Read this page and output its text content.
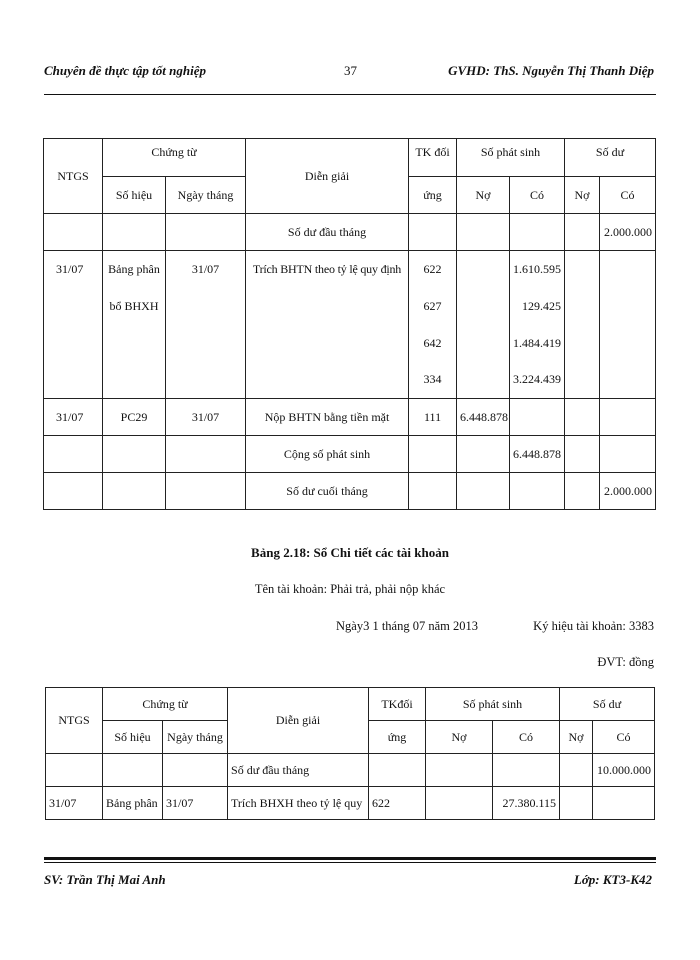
Chuyên đề thực tập tốt nghiệp	37	GVHD: ThS. Nguyễn Thị Thanh Diệp
NTGS	Chứng từ		Diễn giải	TK đối	Số phát sinh		Số dư	
	Số hiệu	Ngày tháng		ứng	Nợ	Có	Nợ	Có
			Số dư đầu tháng					2.000.000
31/07	Bảng phân	31/07	Trích BHTN theo tỷ lệ quy định	622		1.610.595		
	bổ BHXH			627		129.425		
				642		1.484.419		
				334		3.224.439		
31/07	PC29	31/07	Nộp BHTN bằng tiền mặt	111	6.448.878			
			Cộng số phát sinh			6.448.878		
			Số dư cuối tháng					2.000.000
Bảng 2.18: Sổ Chi tiết các tài khoản
Tên tài khoản: Phải trả, phải nộp khác
Ngày3 1 tháng 07 năm 2013	Ký hiệu tài khoản: 3383
ĐVT: đồng
NTGS	Chứng từ		Diễn giải	TKđối	Số phát sinh		Số dư	
	Số hiệu	Ngày tháng		ứng	Nợ	Có	Nợ	Có
			Số dư đầu tháng					10.000.000
31/07	Bảng phân	31/07	Trích BHXH theo tỷ lệ quy	622		27.380.115		
SV: Trần Thị Mai Anh	Lớp: KT3-K42
